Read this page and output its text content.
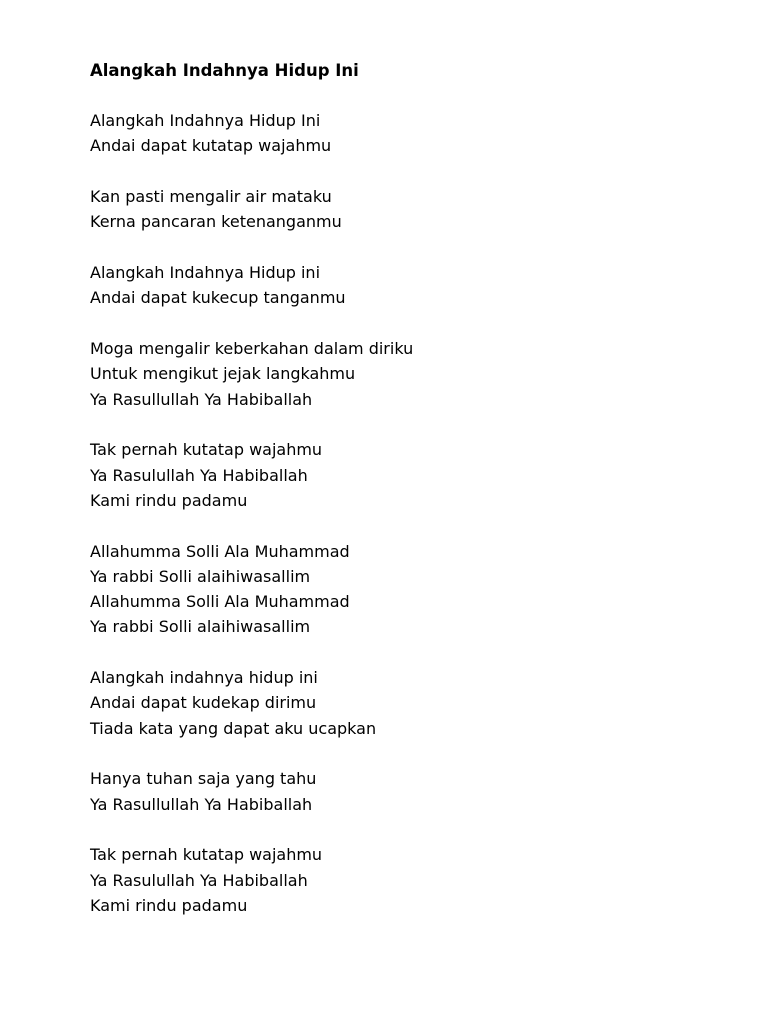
Alangkah Indahnya Hidup Ini
Alangkah Indahnya Hidup Ini
Andai dapat kutatap wajahmu
Kan pasti mengalir air mataku
Kerna pancaran ketenanganmu
Alangkah Indahnya Hidup ini
Andai dapat kukecup tanganmu
Moga mengalir keberkahan dalam diriku
Untuk mengikut jejak langkahmu
Ya Rasullullah Ya Habiballah
Tak pernah kutatap wajahmu
Ya Rasulullah Ya Habiballah
Kami rindu padamu
Allahumma Solli Ala Muhammad
Ya rabbi Solli alaihiwasallim
Allahumma Solli Ala Muhammad
Ya rabbi Solli alaihiwasallim
Alangkah indahnya hidup ini
Andai dapat kudekap dirimu
Tiada kata yang dapat aku ucapkan
Hanya tuhan saja yang tahu
Ya Rasullullah Ya Habiballah
Tak pernah kutatap wajahmu
Ya Rasulullah Ya Habiballah
Kami rindu padamu
